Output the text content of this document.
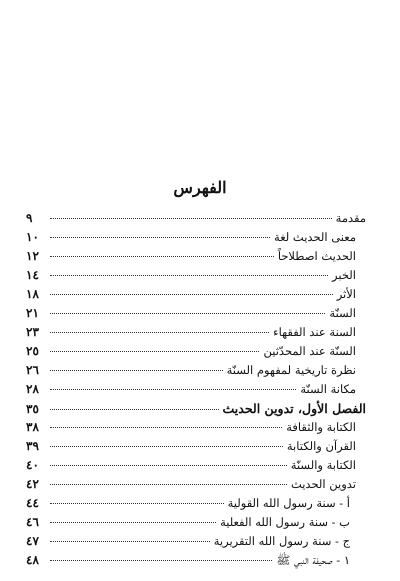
الفهرس
مقدمة
٩
معنى الحديث لغة
١٠
الحديث اصطلاحاً
١٢
الخبر
١٤
الأثر
١٨
السنّة
٢١
السنة عند الفقهاء
٢٣
السنّة عند المحدّثين
٢٥
نظرة تاريخية لمفهوم السنّة
٢٦
مكانة السنّة
٢٨
الفصل الأول، تدوين الحديث
٣٥
الكتابة والثقافة
٣٨
القرآن والكتابة
٣٩
الكتابة والسنّة
٤٠
تدوين الحديث
٤٢
أ - سنة رسول الله القولية
٤٤
ب - سنة رسول الله الفعلية
٤٦
ج - سنة رسول الله التقريرية
٤٧
١ - صحيفة النبي ﷺ
٤٨
